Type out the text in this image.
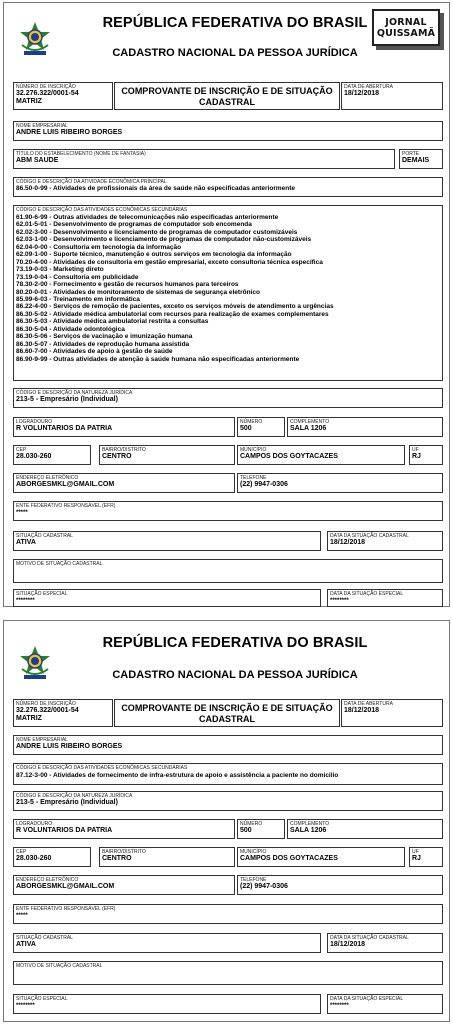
REPÚBLICA FEDERATIVA DO BRASIL
CADASTRO NACIONAL DA PESSOA JURÍDICA
JORNAL
QUISSAMÃ
NÚMERO DE INSCRIÇÃO
32.276.322/0001-54
MATRIZ
COMPROVANTE DE INSCRIÇÃO E DE SITUAÇÃO
CADASTRAL
DATA DE ABERTURA
18/12/2018
NOME EMPRESARIAL
ANDRE LUIS RIBEIRO BORGES
TÍTULO DO ESTABELECIMENTO (NOME DE FANTASIA)
ABM SAUDE
PORTE
DEMAIS
CÓDIGO E DESCRIÇÃO DA ATIVIDADE ECONÔMICA PRINCIPAL
86.50-0-99 - Atividades de profissionais da área de saúde não especificadas anteriormente
CÓDIGO E DESCRIÇÃO DAS ATIVIDADES ECONÔMICAS SECUNDÁRIAS
61.90-6-99 - Outras atividades de telecomunicações não especificadas anteriormente
62.01-5-01 - Desenvolvimento de programas de computador sob encomenda
62.02-3-00 - Desenvolvimento e licenciamento de programas de computador customizáveis
62.03-1-00 - Desenvolvimento e licenciamento de programas de computador não-customizáveis
62.04-0-00 - Consultoria em tecnologia da informação
62.09-1-00 - Suporte técnico, manutenção e outros serviços em tecnologia da informação
70.20-4-00 - Atividades de consultoria em gestão empresarial, exceto consultoria técnica específica
73.19-0-03 - Marketing direto
73.19-0-04 - Consultoria em publicidade
78.30-2-00 - Fornecimento e gestão de recursos humanos para terceiros
80.20-0-01 - Atividades de monitoramento de sistemas de segurança eletrônico
85.99-6-03 - Treinamento em informática
86.22-4-00 - Serviços de remoção de pacientes, exceto os serviços móveis de atendimento a urgências
86.30-5-02 - Atividade médica ambulatorial com recursos para realização de exames complementares
86.30-5-03 - Atividade médica ambulatorial restrita a consultas
86.30-5-04 - Atividade odontológica
86.30-5-06 - Serviços de vacinação e imunização humana
86.30-5-07 - Atividades de reprodução humana assistida
86.60-7-00 - Atividades de apoio à gestão de saúde
86.90-9-99 - Outras atividades de atenção à saúde humana não especificadas anteriormente
CÓDIGO E DESCRIÇÃO DA NATUREZA JURÍDICA
213-5 - Empresário (Individual)
LOGRADOURO
R VOLUNTARIOS DA PATRIA
NÚMERO
500
COMPLEMENTO
SALA 1206
CEP
28.030-260
BAIRRO/DISTRITO
CENTRO
MUNICÍPIO
CAMPOS DOS GOYTACAZES
UF
RJ
ENDEREÇO ELETRÔNICO
ABORGESMKL@GMAIL.COM
TELEFONE
(22) 9947-0306
ENTE FEDERATIVO RESPONSÁVEL (EFR)
*****
SITUAÇÃO CADASTRAL
ATIVA
DATA DA SITUAÇÃO CADASTRAL
18/12/2018
MOTIVO DE SITUAÇÃO CADASTRAL
SITUAÇÃO ESPECIAL
********
DATA DA SITUAÇÃO ESPECIAL
********
REPÚBLICA FEDERATIVA DO BRASIL
CADASTRO NACIONAL DA PESSOA JURÍDICA
NÚMERO DE INSCRIÇÃO
32.276.322/0001-54
MATRIZ
COMPROVANTE DE INSCRIÇÃO E DE SITUAÇÃO
CADASTRAL
DATA DE ABERTURA
18/12/2018
NOME EMPRESARIAL
ANDRE LUIS RIBEIRO BORGES
CÓDIGO E DESCRIÇÃO DAS ATIVIDADES ECONÔMICAS SECUNDÁRIAS
87.12-3-00 - Atividades de fornecimento de infra-estrutura de apoio e assistência a paciente no domicilio
CÓDIGO E DESCRIÇÃO DA NATUREZA JURÍDICA
213-5 - Empresário (Individual)
LOGRADOURO
R VOLUNTARIOS DA PATRIA
NÚMERO
500
COMPLEMENTO
SALA 1206
CEP
28.030-260
BAIRRO/DISTRITO
CENTRO
MUNICÍPIO
CAMPOS DOS GOYTACAZES
UF
RJ
ENDEREÇO ELETRÔNICO
ABORGESMKL@GMAIL.COM
TELEFONE
(22) 9947-0306
ENTE FEDERATIVO RESPONSÁVEL (EFR)
*****
SITUAÇÃO CADASTRAL
ATIVA
DATA DA SITUAÇÃO CADASTRAL
18/12/2018
MOTIVO DE SITUAÇÃO CADASTRAL
SITUAÇÃO ESPECIAL
********
DATA DA SITUAÇÃO ESPECIAL
********
